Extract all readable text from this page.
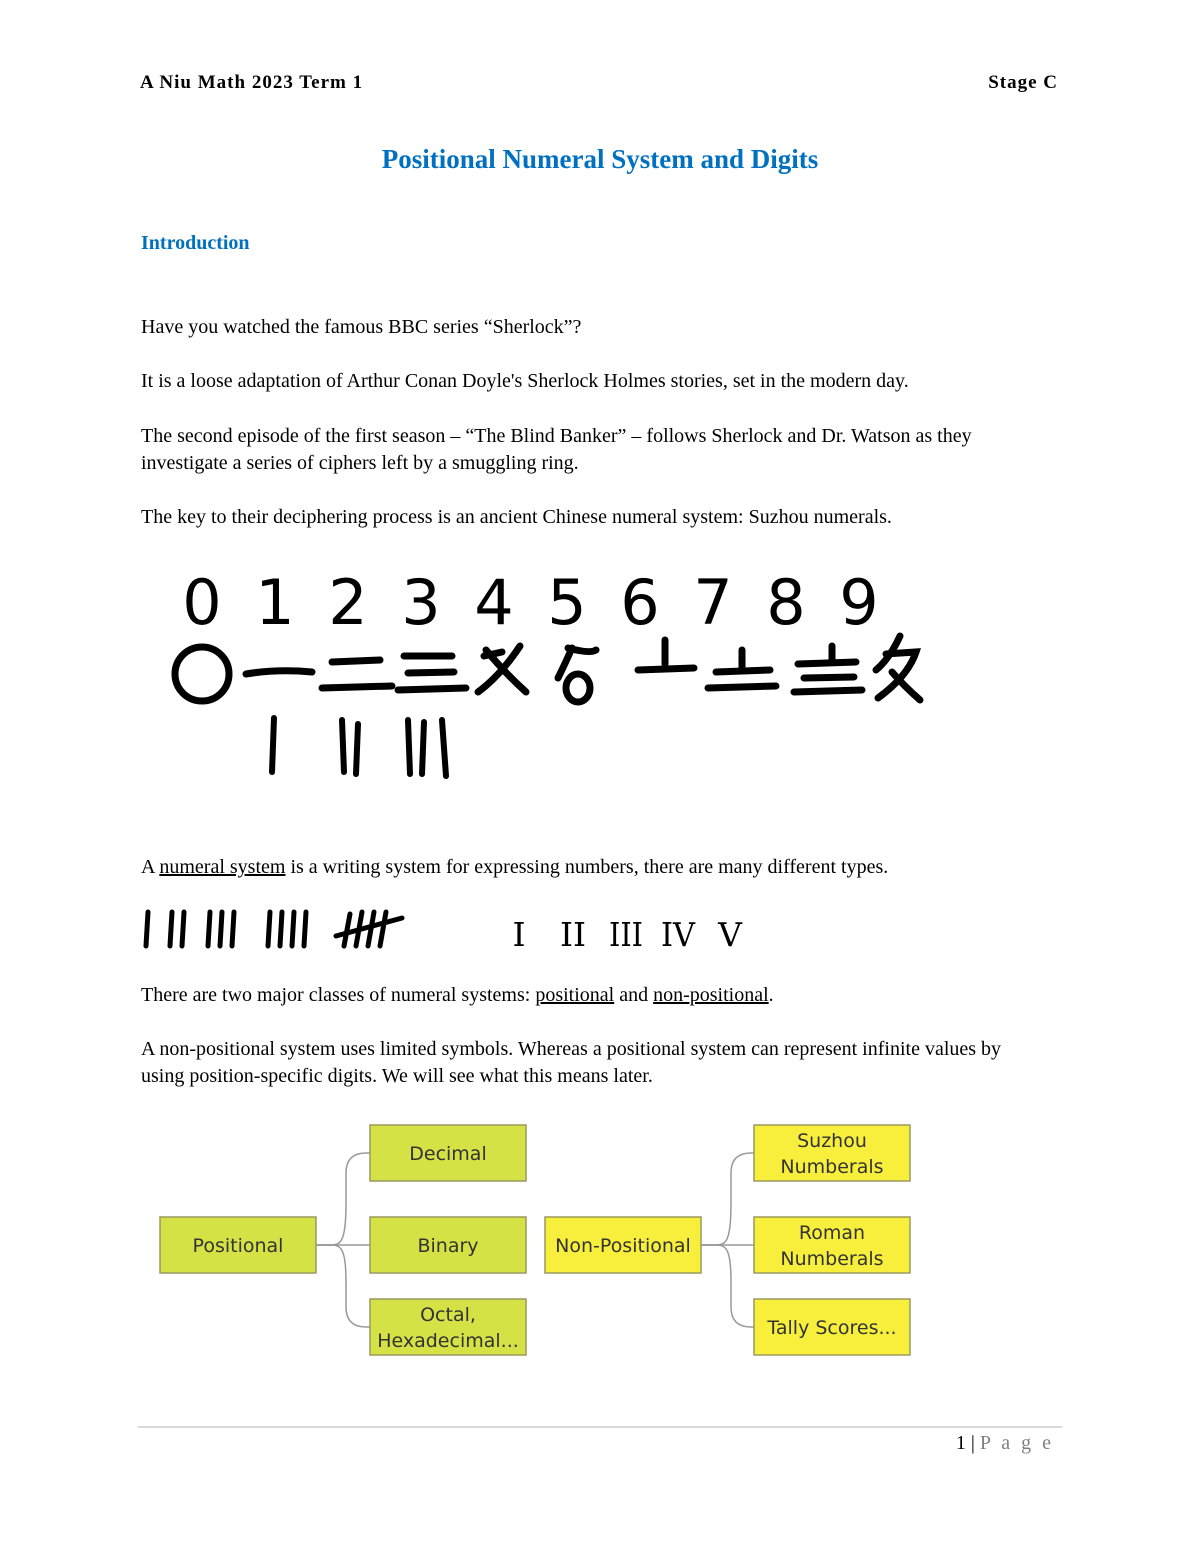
A Niu Math 2023 Term 1	Stage C
Positional Numeral System and Digits
Introduction
Have you watched the famous BBC series “Sherlock”?
It is a loose adaptation of Arthur Conan Doyle's Sherlock Holmes stories, set in the modern day.
The second episode of the first season – “The Blind Banker” – follows Sherlock and Dr. Watson as they investigate a series of ciphers left by a smuggling ring.
The key to their deciphering process is an ancient Chinese numeral system: Suzhou numerals.
0 1 2 3 4 5 6 7 8 9
A numeral system is a writing system for expressing numbers, there are many different types.
I II III IV V
There are two major classes of numeral systems: positional and non-positional.
A non-positional system uses limited symbols. Whereas a positional system can represent infinite values by using position-specific digits. We will see what this means later.
Positional
Decimal
Binary
Octal,
Hexadecimal...
Non-Positional
Suzhou
Numberals
Roman
Numberals
Tally Scores...
1 | P a g e
